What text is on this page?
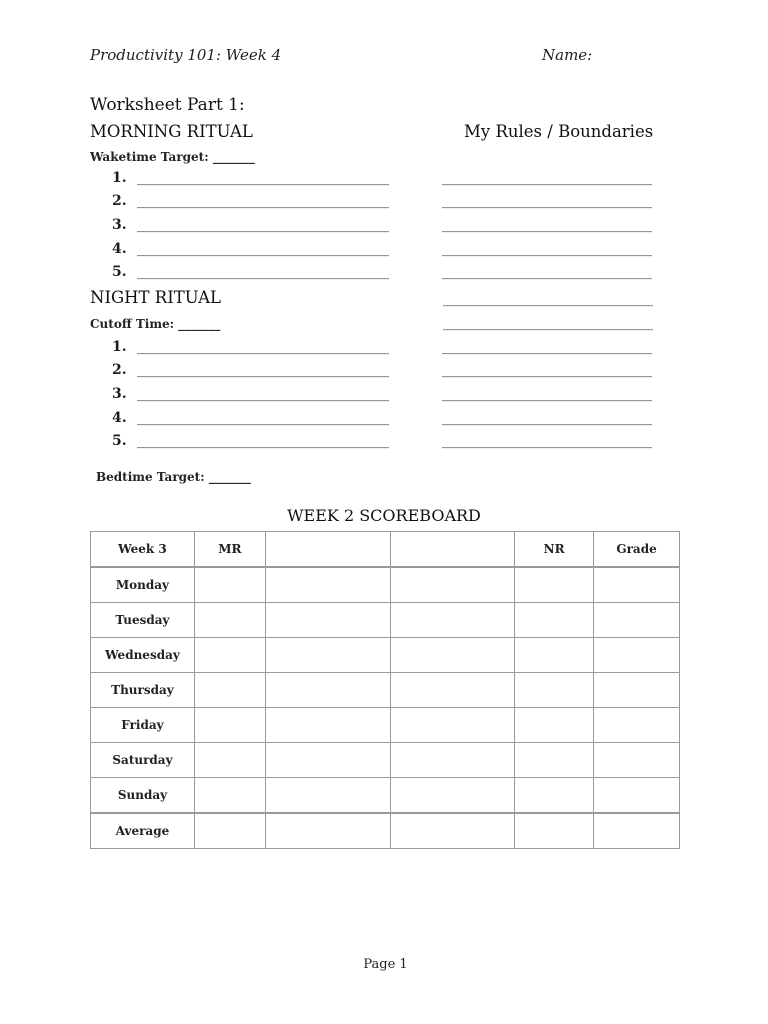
Productivity 101: Week 4	Name:
Worksheet Part 1:
MORNING RITUAL	My Rules / Boundaries
Waketime Target: _______
1. ____________________________________
2. ____________________________________
3. ____________________________________
4. ____________________________________
5. ____________________________________
NIGHT RITUAL
Cutoff Time: _______
1. ____________________________________
2. ____________________________________
3. ____________________________________
4. ____________________________________
5. ____________________________________
______________________________
______________________________
______________________________
______________________________
______________________________
______________________________
______________________________
______________________________
______________________________
______________________________
______________________________
______________________________
Bedtime Target: _______
WEEK 2 SCOREBOARD
Week 3	MR			NR	Grade
Monday					
Tuesday					
Wednesday					
Thursday					
Friday					
Saturday					
Sunday					
Average					
Page 1
